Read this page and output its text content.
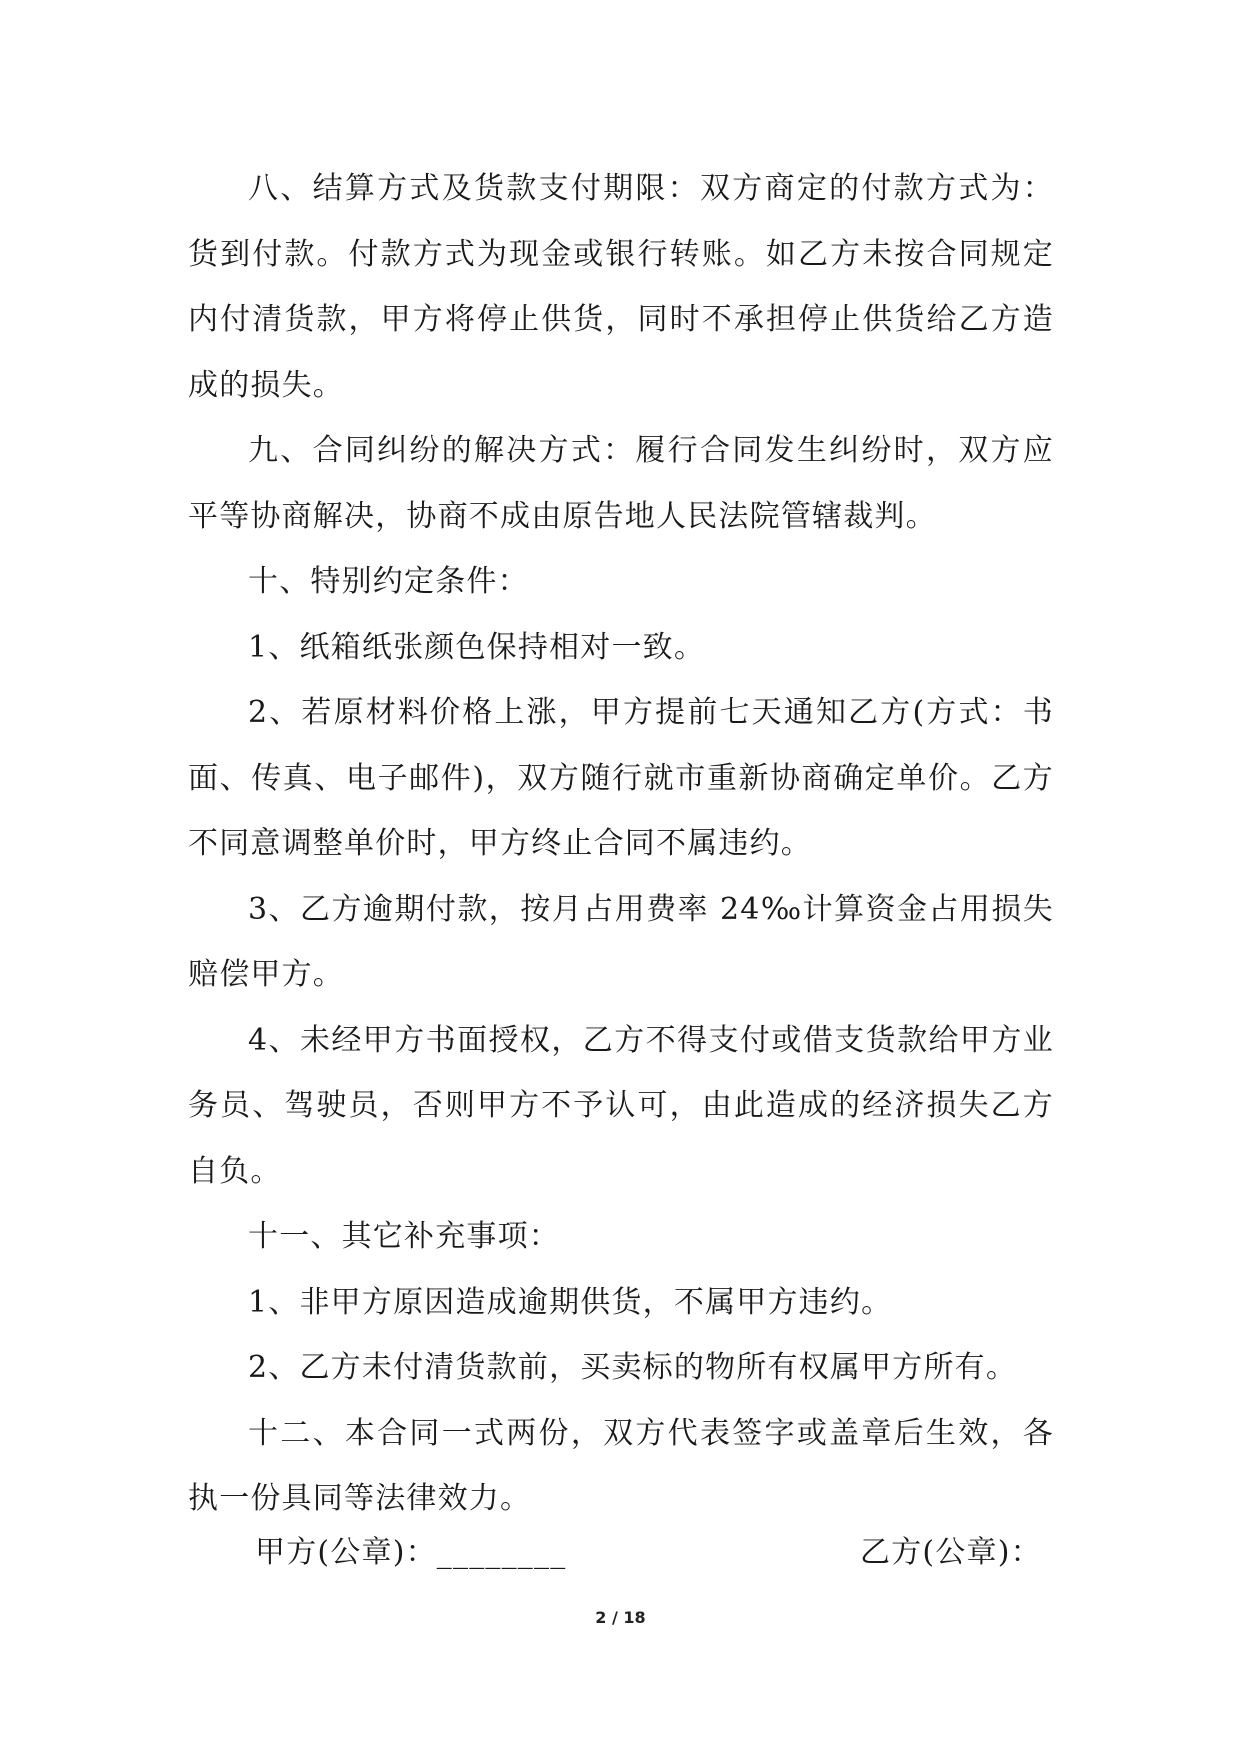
八、结算方式及货款支付期限：双方商定的付款方式为：货到付款。付款方式为现金或银行转账。如乙方未按合同规定内付清货款，甲方将停止供货，同时不承担停止供货给乙方造成的损失。

九、合同纠纷的解决方式：履行合同发生纠纷时，双方应平等协商解决，协商不成由原告地人民法院管辖裁判。

十、特别约定条件：

1、纸箱纸张颜色保持相对一致。

2、若原材料价格上涨，甲方提前七天通知乙方(方式：书面、传真、电子邮件)，双方随行就市重新协商确定单价。乙方不同意调整单价时，甲方终止合同不属违约。

3、乙方逾期付款，按月占用费率 24‰计算资金占用损失赔偿甲方。

4、未经甲方书面授权，乙方不得支付或借支货款给甲方业务员、驾驶员，否则甲方不予认可，由此造成的经济损失乙方自负。

十一、其它补充事项：

1、非甲方原因造成逾期供货，不属甲方违约。

2、乙方未付清货款前，买卖标的物所有权属甲方所有。

十二、本合同一式两份，双方代表签字或盖章后生效，各执一份具同等法律效力。

甲方(公章)：________	乙方(公章)：
2 / 18
